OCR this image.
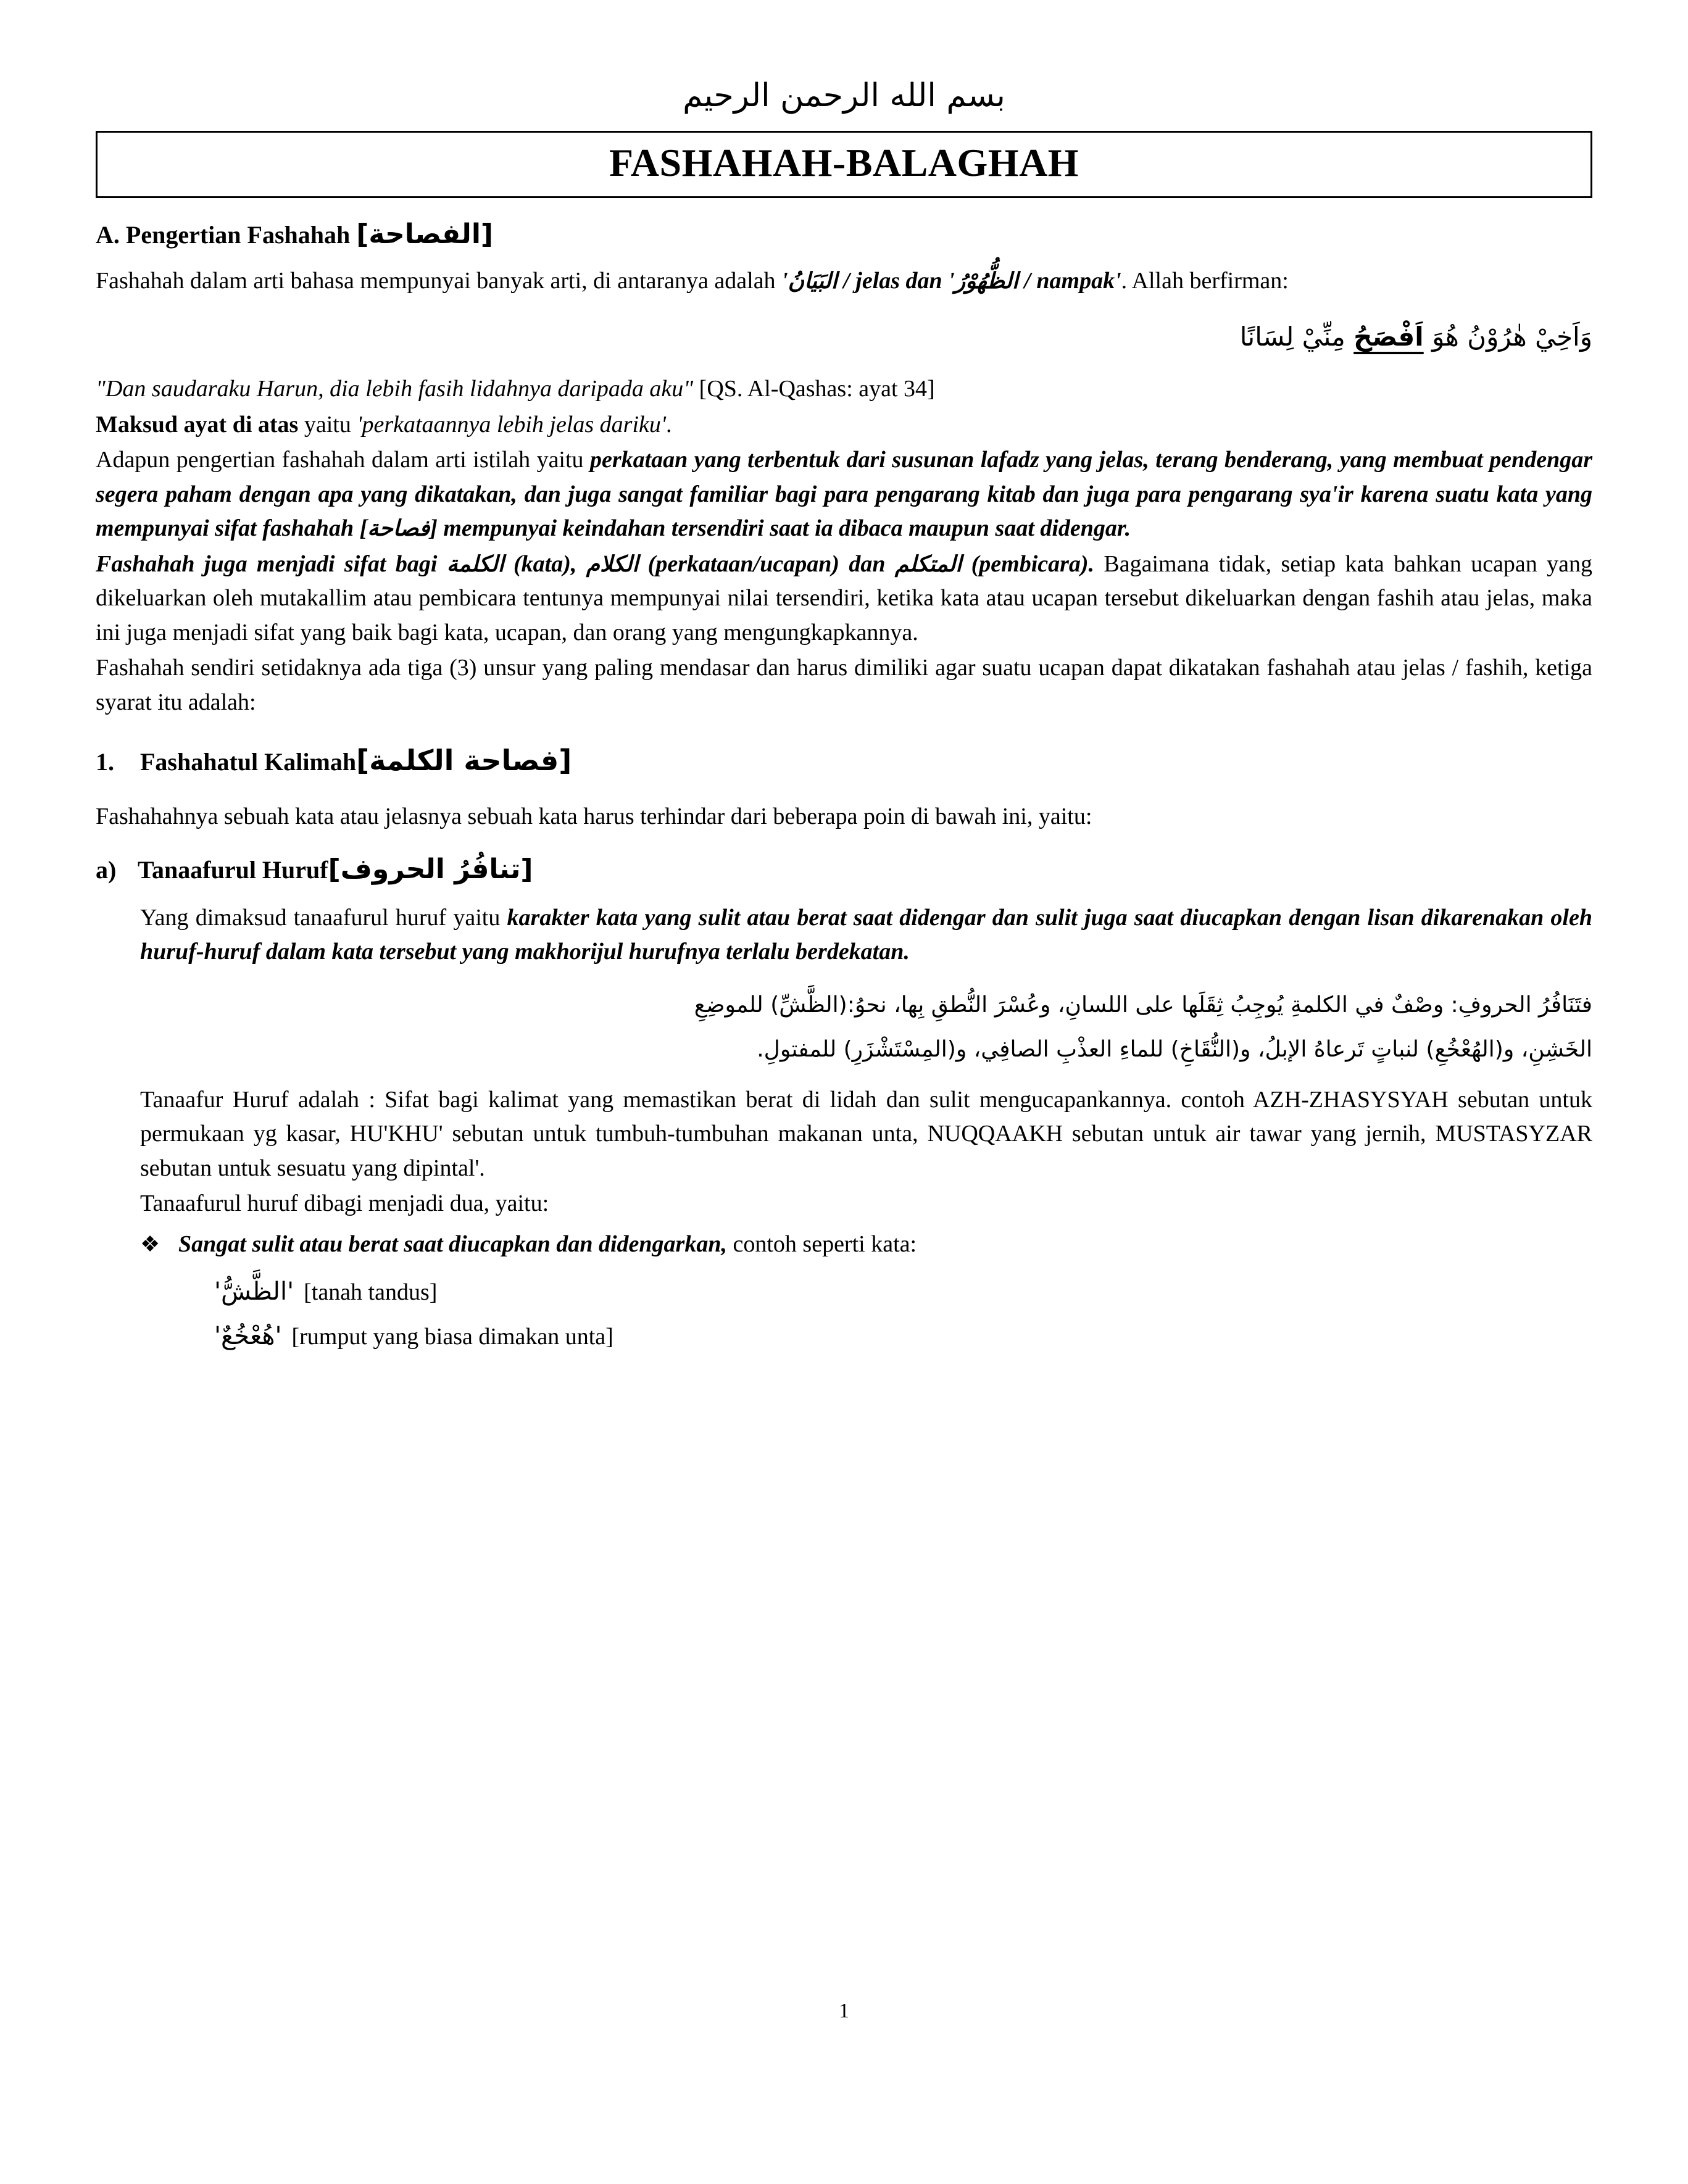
بسم الله الرحمن الرحيم
FASHAHAH-BALAGHAH
A. Pengertian Fashahah [الفصاحة]

Fashahah dalam arti bahasa mempunyai banyak arti, di antaranya adalah 'البَيَانُ / jelas dan 'الظُّهُوْرُ / nampak'. Allah berfirman:

وَاَخِيْ هٰرُوْنُ هُوَ اَفْصَحُ مِنِّيْ لِسَانًا

"Dan saudaraku Harun, dia lebih fasih lidahnya daripada aku" [QS. Al-Qashas: ayat 34]

Maksud ayat di atas yaitu 'perkataannya lebih jelas dariku'.

Adapun pengertian fashahah dalam arti istilah yaitu perkataan yang terbentuk dari susunan lafadz yang jelas, terang benderang, yang membuat pendengar segera paham dengan apa yang dikatakan, dan juga sangat familiar bagi para pengarang kitab dan juga para pengarang sya'ir karena suatu kata yang mempunyai sifat fashahah [فصاحة] mempunyai keindahan tersendiri saat ia dibaca maupun saat didengar.

Fashahah juga menjadi sifat bagi الكلمة (kata), الكلام (perkataan/ucapan) dan المتكلم (pembicara). Bagaimana tidak, setiap kata bahkan ucapan yang dikeluarkan oleh mutakallim atau pembicara tentunya mempunyai nilai tersendiri, ketika kata atau ucapan tersebut dikeluarkan dengan fashih atau jelas, maka ini juga menjadi sifat yang baik bagi kata, ucapan, dan orang yang mengungkapkannya.

Fashahah sendiri setidaknya ada tiga (3) unsur yang paling mendasar dan harus dimiliki agar suatu ucapan dapat dikatakan fashahah atau jelas / fashih, ketiga syarat itu adalah:

1.	Fashahatul Kalimah[فصاحة الكلمة]

Fashahahnya sebuah kata atau jelasnya sebuah kata harus terhindar dari beberapa poin di bawah ini, yaitu:

a) Tanaafurul Huruf[تنافُرُ الحروف]

Yang dimaksud tanaafurul huruf yaitu karakter kata yang sulit atau berat saat didengar dan sulit juga saat diucapkan dengan lisan dikarenakan oleh huruf-huruf dalam kata tersebut yang makhorijul hurufnya terlalu berdekatan.

فتَنَافُرُ الحروفِ: وصْفٌ في الكلمةِ يُوجِبُ ثِقَلَها على اللسانِ، وعُسْرَ النُّطقِ بِها، نحوُ:(الظَّشِّ) للموضِعِ
الخَشِنِ، و(الهُعْخُعِ) لنباتٍ تَرعاهُ الإبلُ، و(النُّقَاخِ) للماءِ العذْبِ الصافِي، و(المِسْتَشْزَرِ) للمفتولِ.

Tanaafur Huruf adalah : Sifat bagi kalimat yang memastikan berat di lidah dan sulit mengucapankannya. contoh AZH-ZHASYSYAH sebutan untuk permukaan yg kasar, HU'KHU' sebutan untuk tumbuh-tumbuhan makanan unta, NUQQAAKH sebutan untuk air tawar yang jernih, MUSTASYZAR sebutan untuk sesuatu yang dipintal'.

Tanaafurul huruf dibagi menjadi dua, yaitu:

❖ Sangat sulit atau berat saat diucapkan dan didengarkan, contoh seperti kata:
'الظَّشُّ' [tanah tandus]
'هُعْخُعٌ' [rumput yang biasa dimakan unta]
1
